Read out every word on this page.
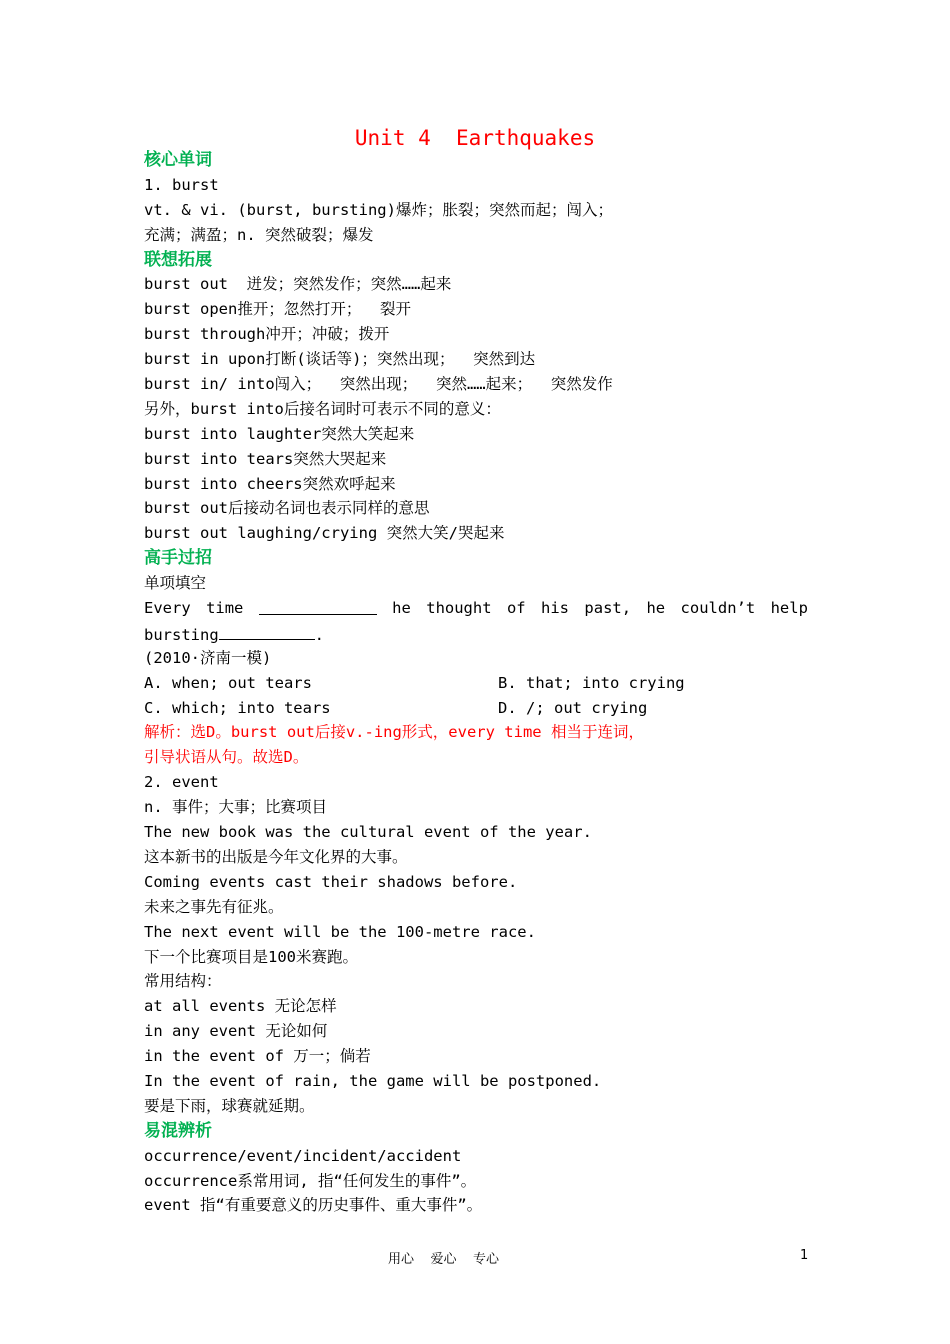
Unit 4  Earthquakes
核心单词
1. burst
vt. & vi. (burst, bursting)爆炸；胀裂；突然而起；闯入；
充满；满盈；n. 突然破裂；爆发
联想拓展
burst out  迸发；突然发作；突然……起来
burst open推开；忽然打开；  裂开
burst through冲开；冲破；拨开
burst in upon打断(谈话等)；突然出现；  突然到达
burst in/ into闯入；  突然出现；  突然……起来；  突然发作
另外，burst into后接名词时可表示不同的意义：
burst into laughter突然大笑起来
burst into tears突然大哭起来
burst into cheers突然欢呼起来
burst out后接动名词也表示同样的意思
burst out laughing/crying 突然大笑/哭起来
高手过招
单项填空
Every time	he thought of his past, he couldn’t help
bursting	.
(2010·济南一模)
A. when; out tears	B. that; into crying
C. which; into tears	D. /; out crying
解析：选D。burst out后接v.-ing形式，every time 相当于连词，
引导状语从句。故选D。
2. event
n. 事件；大事；比赛项目
The new book was the cultural event of the year.
这本新书的出版是今年文化界的大事。
Coming events cast their shadows before.
未来之事先有征兆。
The next event will be the 100-metre race.
下一个比赛项目是100米赛跑。
常用结构：
at all events 无论怎样
in any event 无论如何
in the event of 万一；倘若
In the event of rain, the game will be postponed.
要是下雨，球赛就延期。
易混辨析
occurrence/event/incident/accident
occurrence系常用词, 指“任何发生的事件”。
event 指“有重要意义的历史事件、重大事件”。
用心    爱心    专心	1
